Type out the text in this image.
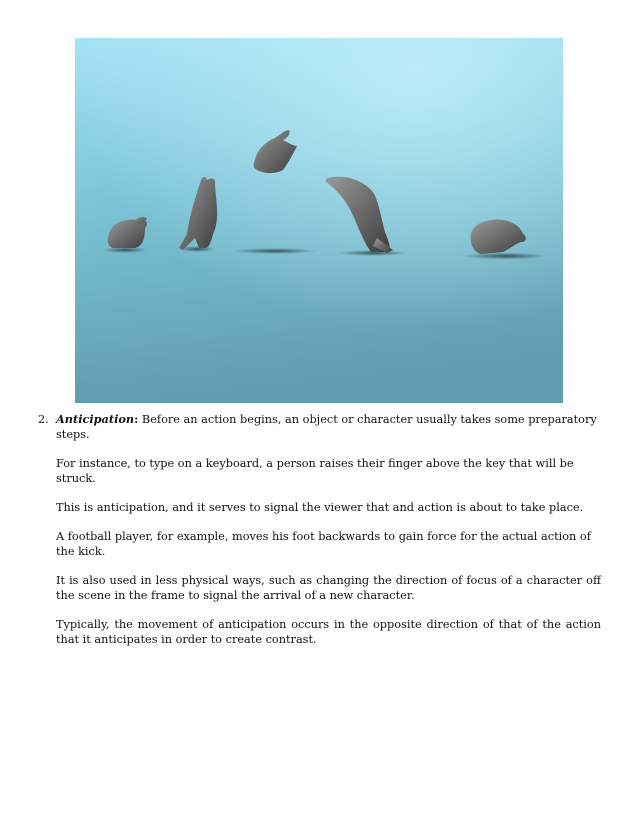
2. Anticipation: Before an action begins, an object or character usually takes some preparatory steps.

For instance, to type on a keyboard, a person raises their finger above the key that will be struck.

This is anticipation, and it serves to signal the viewer that and action is about to take place.

A football player, for example, moves his foot backwards to gain force for the actual action of the kick.

It is also used in less physical ways, such as changing the direction of focus of a character off the scene in the frame to signal the arrival of a new character.

Typically, the movement of anticipation occurs in the opposite direction of that of the action that it anticipates in order to create contrast.
